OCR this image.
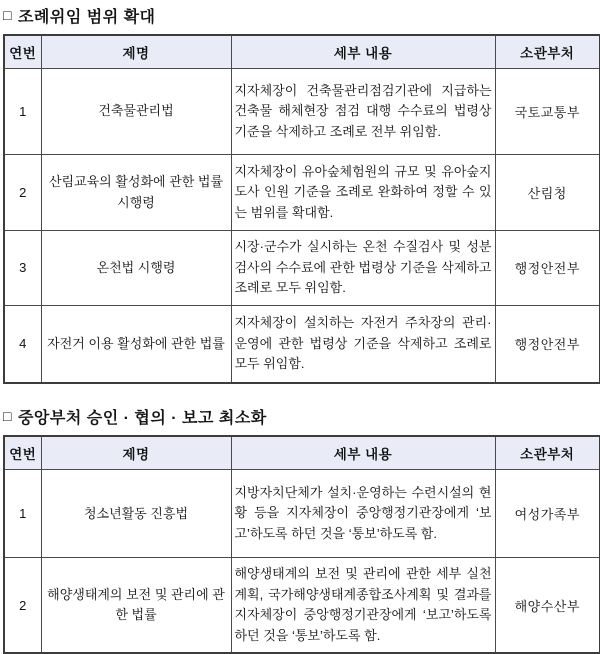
□ 조례위임 범위 확대
연번	제명	세부 내용	소관부처
1	건축물관리법	지자체장이 건축물관리점검기관에 지급하는 건축물 해체현장 점검 대행 수수료의 법령상 기준을 삭제하고 조례로 전부 위임함.	국토교통부
2	산림교육의 활성화에 관한 법률 시행령	지자체장이 유아숲체험원의 규모 및 유아숲지도사 인원 기준을 조례로 완화하여 정할 수 있는 범위를 확대함.	산림청
3	온천법 시행령	시장·군수가 실시하는 온천 수질검사 및 성분검사의 수수료에 관한 법령상 기준을 삭제하고 조례로 모두 위임함.	행정안전부
4	자전거 이용 활성화에 관한 법률	지자체장이 설치하는 자전거 주차장의 관리·운영에 관한 법령상 기준을 삭제하고 조례로 모두 위임함.	행정안전부
□ 중앙부처 승인 · 협의 · 보고 최소화
연번	제명	세부 내용	소관부처
1	청소년활동 진흥법	지방자치단체가 설치·운영하는 수련시설의 현황 등을 지자체장이 중앙행정기관장에게 ‘보고’하도록 하던 것을 ‘통보’하도록 함.	여성가족부
2	해양생태계의 보전 및 관리에 관한 법률	해양생태계의 보전 및 관리에 관한 세부 실천계획, 국가해양생태계종합조사계획 및 결과를 지자체장이 중앙행정기관장에게 ‘보고’하도록 하던 것을 ‘통보’하도록 함.	해양수산부
